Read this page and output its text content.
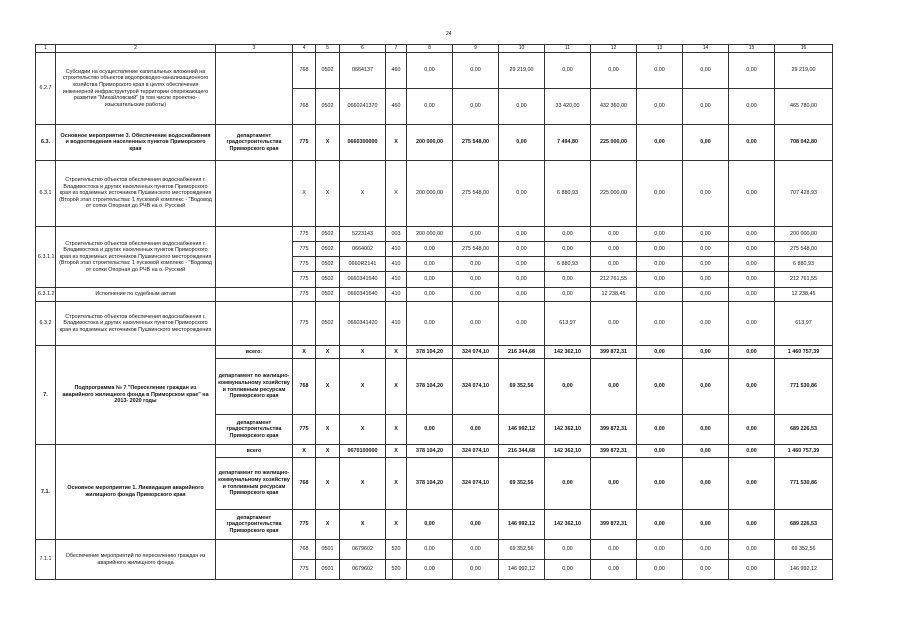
24
1	2	3	4	5	6	7	8	9	10	11	12	13	14	15	16
6.2.7	Субсидии на осуществление капитальных вложений на строительство объектов водопроводно-канализационного хозяйства Приморского края в целях обеспечения инженерной инфраструктурой территории опережающего развития "Михайловский" (в том числе проектно-изыскательские работы)		768	0502	0664137	460	0,00	0,00	29 219,00	0,00	0,00	0,00	0,00	0,00	29 219,00
			768	0502	0660241370	460	0,00	0,00	0,00	33 420,00	432 360,00	0,00	0,00	0,00	465 780,00
6.3.	Основное мероприятие 3. Обеспечение водоснабжения и водоотведения населенных пунктов Приморского края	департамент градостроительства Приморского края	775	X	0660300000	X	200 000,00	275 548,00	0,00	7 494,80	225 000,00	0,00	0,00	0,00	708 042,80
6.3.1	Строительство объектов обеспечения водоснабжения г. Владивостока и других населенных пунктов Приморского края из подземных источников Пушкинского месторождения (Второй этап строительства: 1 пусковой комплекс - "Водовод от сопки Опорная до РЧВ на о. Русский		X	X	X	X	200 000,00	275 548,00	0,00	6 880,93	225 000,00	0,00	0,00	0,00	707 428,93
6.3.1.1	Строительство объектов обеспечения водоснабжения г. Владивостока и других населенных пунктов Приморского края из подземных источников Пушкинского месторождения (Второй этап строительства: 1 пусковой комплекс - "Водовод от сопки Опорная до РЧВ на о. Русский		775	0502	5223143	003	200 000,00	0,00	0,00	0,00	0,00	0,00	0,00	0,00	200 000,00
			775	0502	0664002	410	0,00	275 548,00	0,00	0,00	0,00	0,00	0,00	0,00	275 548,00
			775	0502	0660R2141	410	0,00	0,00	0,00	6 880,93	0,00	0,00	0,00	0,00	6 880,93
			775	0502	0660341640	410	0,00	0,00	0,00	0,00	212 761,55	0,00	0,00	0,00	212 761,55
6.3.1.2	Исполнение по судебным актам		775	0502	0660341640	410	0,00	0,00	0,00	0,00	12 238,45	0,00	0,00	0,00	12 238,45
6.3.2	Строительство объектов обеспечения водоснабжения г. Владивостока и других населенных пунктов Приморского края из подземных источников Пушкинского месторождения		775	0502	0660341420	410	0,00	0,00	0,00	613,97	0,00	0,00	0,00	0,00	613,97
7.	Подпрограмма № 7 "Переселение граждан из аварийного жилищного фонда в Приморском крае" на 2013- 2020 годы	всего:	X	X	X	X	378 104,20	324 074,10	216 344,68	142 362,10	399 872,31	0,00	0,00	0,00	1 460 757,39
		департамент по жилищно-коммунальному хозяйству и топливным ресурсам Приморского края	768	X	X	X	378 104,20	324 074,10	69 352,56	0,00	0,00	0,00	0,00	0,00	771 530,86
		департамент градостроительства Приморского края	775	X	X	X	0,00	0,00	146 992,12	142 362,10	399 872,31	0,00	0,00	0,00	689 226,53
7.1.	Основное мероприятие 1. Ликвидация аварийного жилищного фонда Приморского края	всего	X	X	0670100000	X	378 104,20	324 074,10	216 344,68	142 362,10	399 872,31	0,00	0,00	0,00	1 460 757,39
		департамент по жилищно-коммунальному хозяйству и топливным ресурсам Приморского края	768	X	X	X	378 104,20	324 074,10	69 352,56	0,00	0,00	0,00	0,00	0,00	771 530,86
		департамент градостроительства Приморского края	775	X	X	X	0,00	0,00	146 992,12	142 362,10	399 872,31	0,00	0,00	0,00	689 226,53
7.1.1	Обеспечение мероприятий по переселению граждан из аварийного жилищного фонда		768	0501	0679602	520	0,00	0,00	69 352,56	0,00	0,00	0,00	0,00	0,00	69 352,56
			775	0501	0679602	520	0,00	0,00	146 992,12	0,00	0,00	0,00	0,00	0,00	146 992,12
